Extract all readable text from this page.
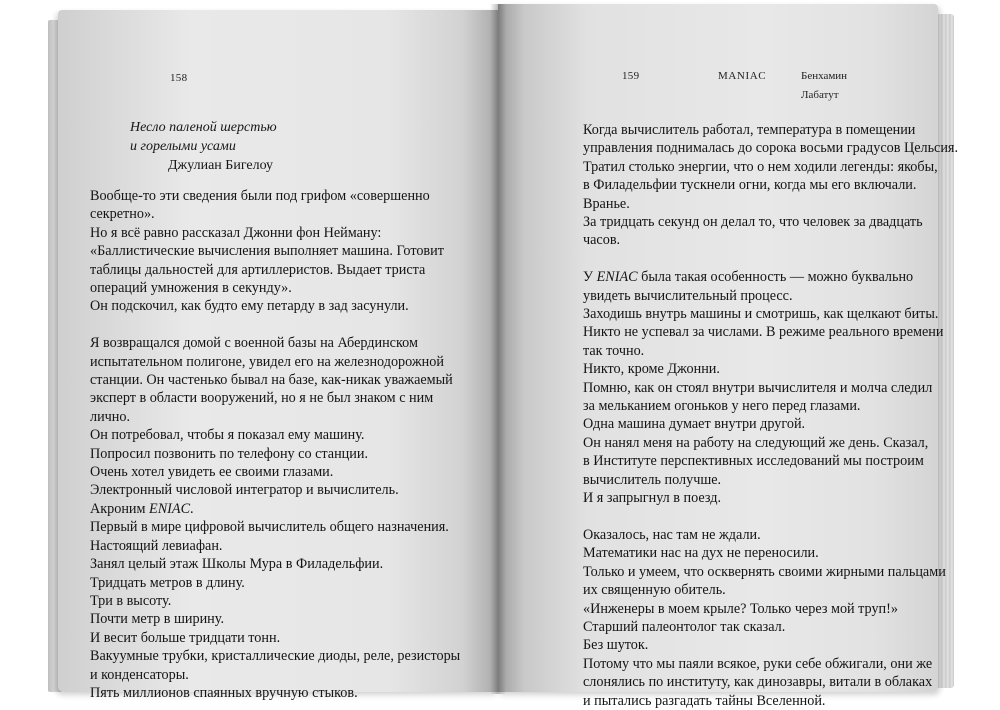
158
Несло паленой шерстью
и горелыми усами
Джулиан Бигелоу
Вообще-то эти сведения были под грифом «совершенно
секретно».
Но я всё равно рассказал Джонни фон Нейману:
«Баллистические вычисления выполняет машина. Готовит
таблицы дальностей для артиллеристов. Выдает триста
операций умножения в секунду».
Он подскочил, как будто ему петарду в зад засунули.
Я возвращался домой с военной базы на Абердинском
испытательном полигоне, увидел его на железнодорожной
станции. Он частенько бывал на базе, как-никак уважаемый
эксперт в области вооружений, но я не был знаком с ним
лично.
Он потребовал, чтобы я показал ему машину.
Попросил позвонить по телефону со станции.
Очень хотел увидеть ее своими глазами.
Электронный числовой интегратор и вычислитель.
Акроним ENIAC.
Первый в мире цифровой вычислитель общего назначения.
Настоящий левиафан.
Занял целый этаж Школы Мура в Филадельфии.
Тридцать метров в длину.
Три в высоту.
Почти метр в ширину.
И весит больше тридцати тонн.
Вакуумные трубки, кристаллические диоды, реле, резисторы
и конденсаторы.
Пять миллионов спаянных вручную стыков.
159	MANIAC	Бенхамин
Лабатут
Когда вычислитель работал, температура в помещении
управления поднималась до сорока восьми градусов Цельсия.
Тратил столько энергии, что о нем ходили легенды: якобы,
в Филадельфии тускнели огни, когда мы его включали.
Вранье.
За тридцать секунд он делал то, что человек за двадцать
часов.
У ENIAC была такая особенность — можно буквально
увидеть вычислительный процесс.
Заходишь внутрь машины и смотришь, как щелкают биты.
Никто не успевал за числами. В режиме реального времени
так точно.
Никто, кроме Джонни.
Помню, как он стоял внутри вычислителя и молча следил
за мельканием огоньков у него перед глазами.
Одна машина думает внутри другой.
Он нанял меня на работу на следующий же день. Сказал,
в Институте перспективных исследований мы построим
вычислитель получше.
И я запрыгнул в поезд.
Оказалось, нас там не ждали.
Математики нас на дух не переносили.
Только и умеем, что осквернять своими жирными пальцами
их священную обитель.
«Инженеры в моем крыле? Только через мой труп!»
Старший палеонтолог так сказал.
Без шуток.
Потому что мы паяли всякое, руки себе обжигали, они же
слонялись по институту, как динозавры, витали в облаках
и пытались разгадать тайны Вселенной.
